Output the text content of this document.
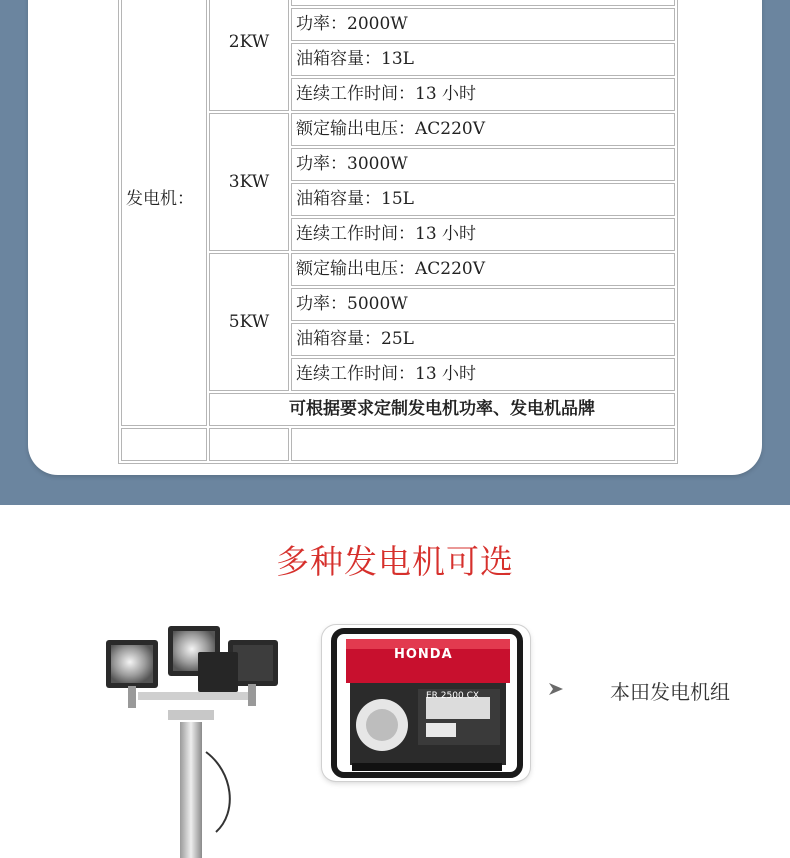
发电机：	2KW	
		功率：2000W
		油箱容量：13L
		连续工作时间：13 小时
	3KW	额定输出电压：AC220V
		功率：3000W
		油箱容量：15L
		连续工作时间：13 小时
	5KW	额定输出电压：AC220V
		功率：5000W
		油箱容量：25L
		连续工作时间：13 小时
	可根据要求定制发电机功率、发电机品牌	

多种发电机可选
HONDA
ER 2500 CX	本田发电机组
